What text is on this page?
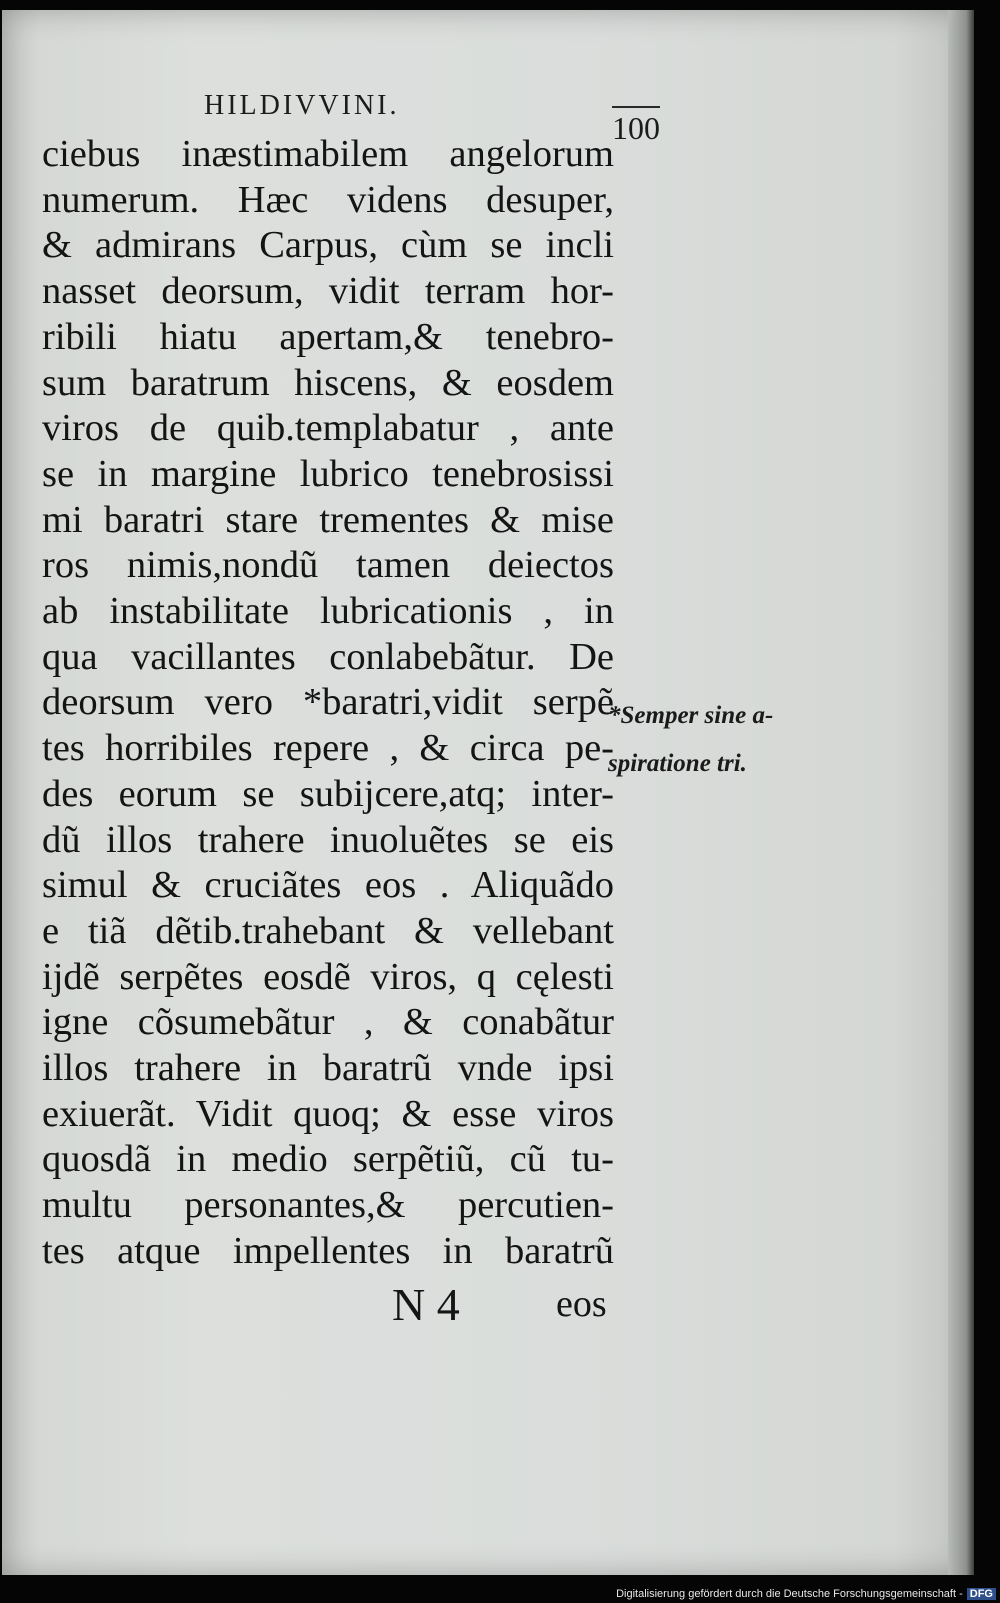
HILDIVVINI.
100
ciebus inæstimabilem angelorum
numerum. Hæc videns desuper,
& admirans Carpus, cùm se incli
nasset deorsum, vidit terram hor-
ribili hiatu apertam,& tenebro-
sum baratrum hiscens, & eosdem
viros de quib.templabatur , ante
se in margine lubrico tenebrosissi
mi baratri stare trementes & mise
ros nimis,nondũ tamen deiectos
ab instabilitate lubricationis , in
qua vacillantes conlabebãtur. De
deorsum vero *baratri,vidit serpẽ
tes horribiles repere , & circa pe-
des eorum se subijcere,atq; inter-
dũ illos trahere inuoluẽtes se eis
simul & cruciãtes eos . Aliquãdo
e tiã dẽtib.trahebant & vellebant
ijdẽ serpẽtes eosdẽ viros, q cęlesti
igne cõsumebãtur , & conabãtur
illos trahere in baratrũ vnde ipsi
exiuerãt. Vidit quoq; & esse viros
quosdã in medio serpẽtiũ, cũ tu-
multu personantes,& percutien-
tes atque impellentes in baratrũ
*Semper sine a-
spiratione tri.
N 4	eos
Digitalisierung gefördert durch die Deutsche Forschungsgemeinschaft - DFG
